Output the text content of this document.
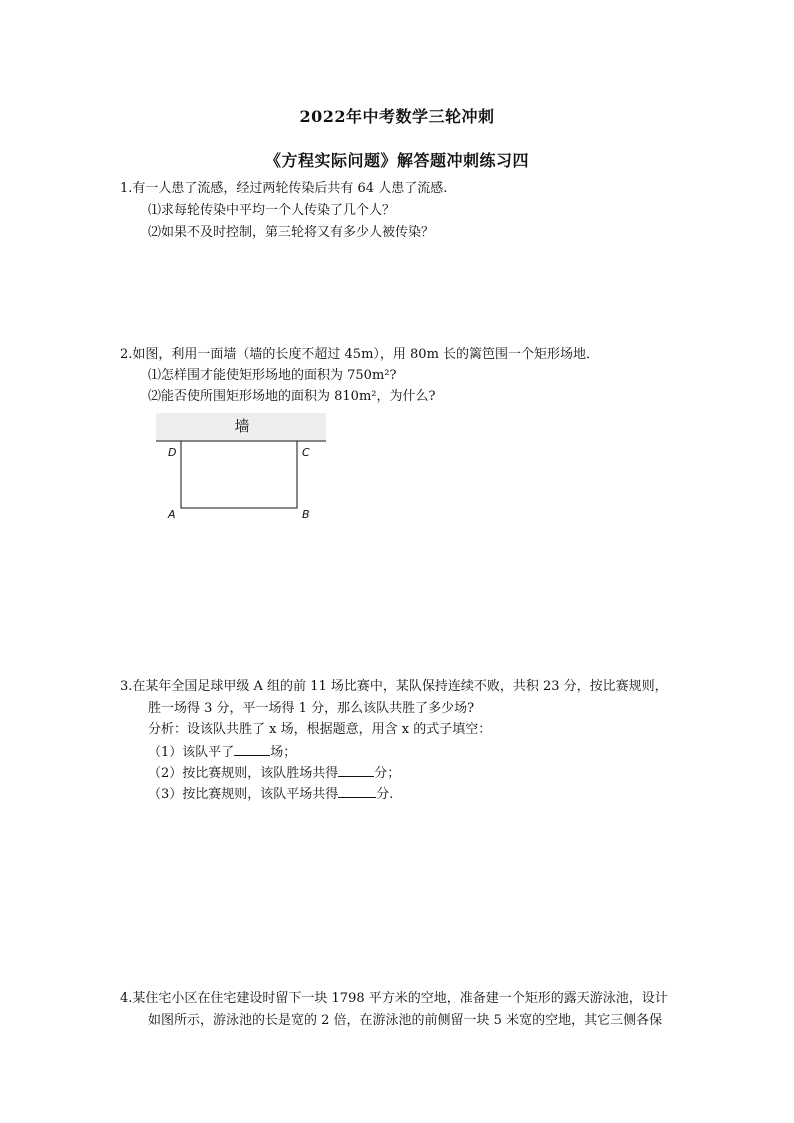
2022年中考数学三轮冲刺
《方程实际问题》解答题冲刺练习四
1.有一人患了流感，经过两轮传染后共有 64 人患了流感.
⑴求每轮传染中平均一个人传染了几个人？
⑵如果不及时控制，第三轮将又有多少人被传染？
2.如图，利用一面墙（墙的长度不超过 45m），用 80m 长的篱笆围一个矩形场地．
⑴怎样围才能使矩形场地的面积为 750m²?
⑵能否使所围矩形场地的面积为 810m²，为什么?
墙
D	C
A	B
3.在某年全国足球甲级 A 组的前 11 场比赛中，某队保持连续不败，共积 23 分，按比赛规则，
胜一场得 3 分，平一场得 1 分，那么该队共胜了多少场?
分析：设该队共胜了 x 场，根据题意，用含 x 的式子填空：
（1）该队平了	场；
（2）按比赛规则，该队胜场共得	分；
（3）按比赛规则，该队平场共得	分.
4.某住宅小区在住宅建设时留下一块 1798 平方米的空地，准备建一个矩形的露天游泳池，设计
如图所示，游泳池的长是宽的 2 倍，在游泳池的前侧留一块 5 米宽的空地，其它三侧各保
